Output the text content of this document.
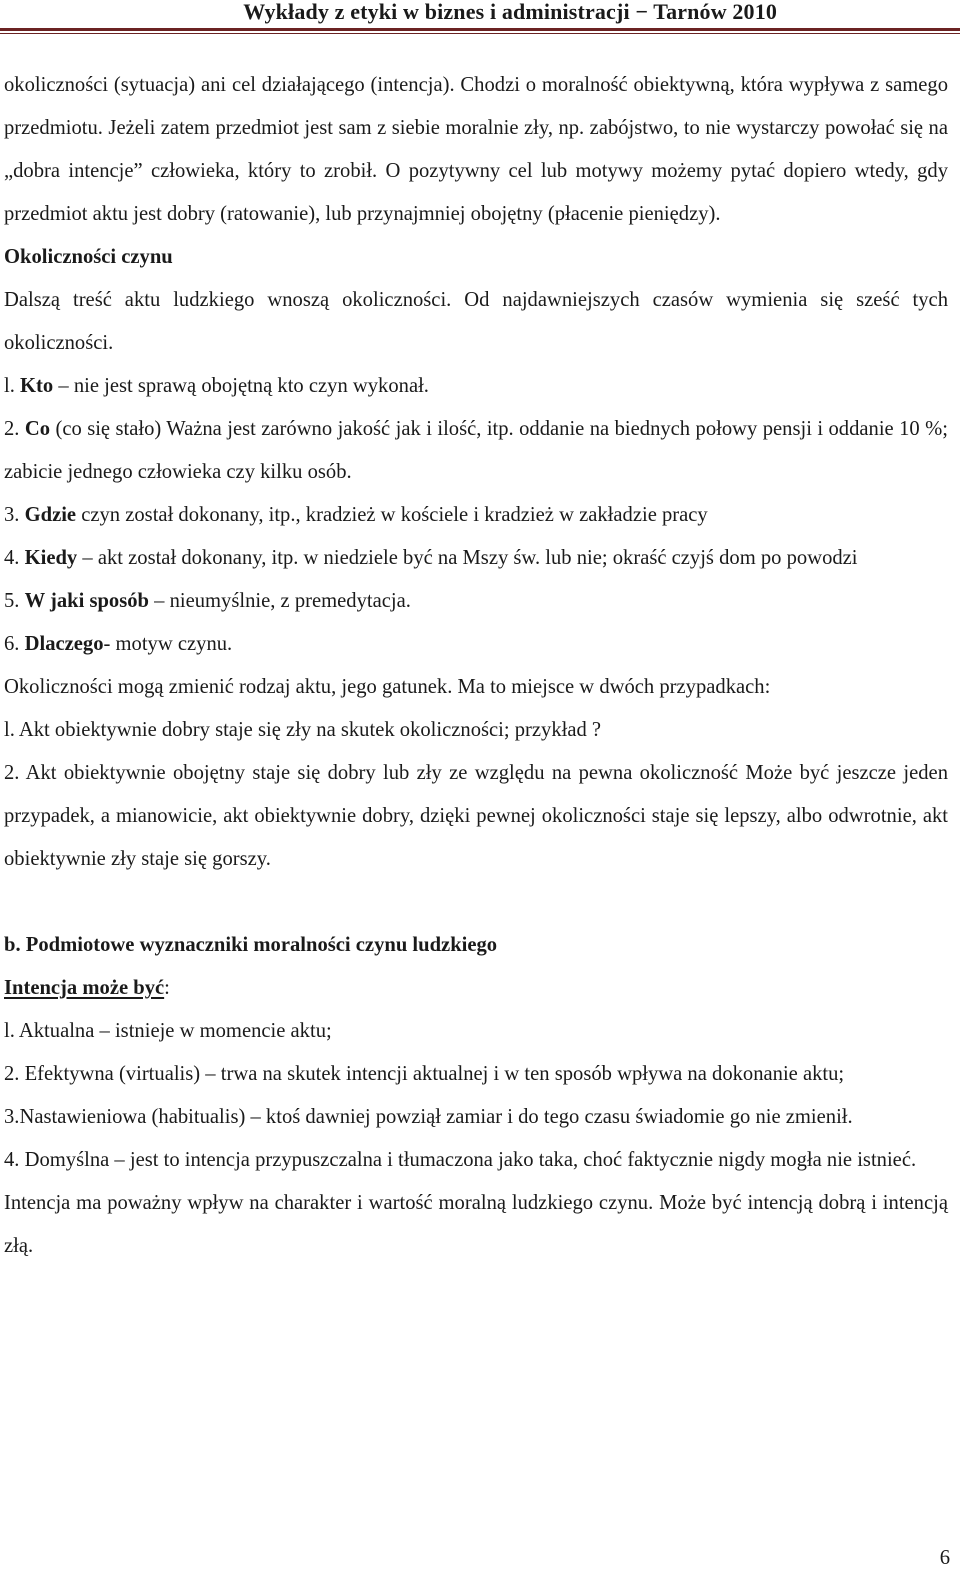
Wykłady z etyki w biznes i administracji − Tarnów 2010

okoliczności (sytuacja) ani cel działającego (intencja). Chodzi o moralność obiektywną, która wypływa z samego przedmiotu. Jeżeli zatem przedmiot jest sam z siebie moralnie zły, np. zabójstwo, to nie wystarczy powołać się na „dobra intencje” człowieka, który to zrobił. O pozytywny cel lub motywy możemy pytać dopiero wtedy, gdy przedmiot aktu jest dobry (ratowanie), lub przynajmniej obojętny (płacenie pieniędzy).

Okoliczności czynu

Dalszą treść aktu ludzkiego wnoszą okoliczności. Od najdawniejszych czasów wymienia się sześć tych okoliczności.

l. Kto – nie jest sprawą obojętną kto czyn wykonał.

2. Co (co się stało) Ważna jest zarówno jakość jak i ilość, itp. oddanie na biednych połowy pensji i oddanie 10 %; zabicie jednego człowieka czy kilku osób.

3. Gdzie czyn został dokonany, itp., kradzież w kościele i kradzież w zakładzie pracy

4. Kiedy – akt został dokonany, itp. w niedziele być na Mszy św. lub nie; okraść czyjś dom po powodzi

5. W jaki sposób – nieumyślnie, z premedytacja.

6. Dlaczego- motyw czynu.

Okoliczności mogą zmienić rodzaj aktu, jego gatunek. Ma to miejsce w dwóch przypadkach:

l. Akt obiektywnie dobry staje się zły na skutek okoliczności; przykład ?

2. Akt obiektywnie obojętny staje się dobry lub zły ze względu na pewna okoliczność Może być jeszcze jeden przypadek, a mianowicie, akt obiektywnie dobry, dzięki pewnej okoliczności staje się lepszy, albo odwrotnie, akt obiektywnie zły staje się gorszy.

b. Podmiotowe wyznaczniki moralności czynu ludzkiego

Intencja może być:

l. Aktualna – istnieje w momencie aktu;

2. Efektywna (virtualis) – trwa na skutek intencji aktualnej i w ten sposób wpływa na dokonanie aktu;

3.Nastawieniowa (habitualis) – ktoś dawniej powziął zamiar i do tego czasu świadomie go nie zmienił.

4. Domyślna – jest to intencja przypuszczalna i tłumaczona jako taka, choć faktycznie nigdy mogła nie istnieć.

Intencja ma poważny wpływ na charakter i wartość moralną ludzkiego czynu. Może być intencją dobrą i intencją złą.

6
